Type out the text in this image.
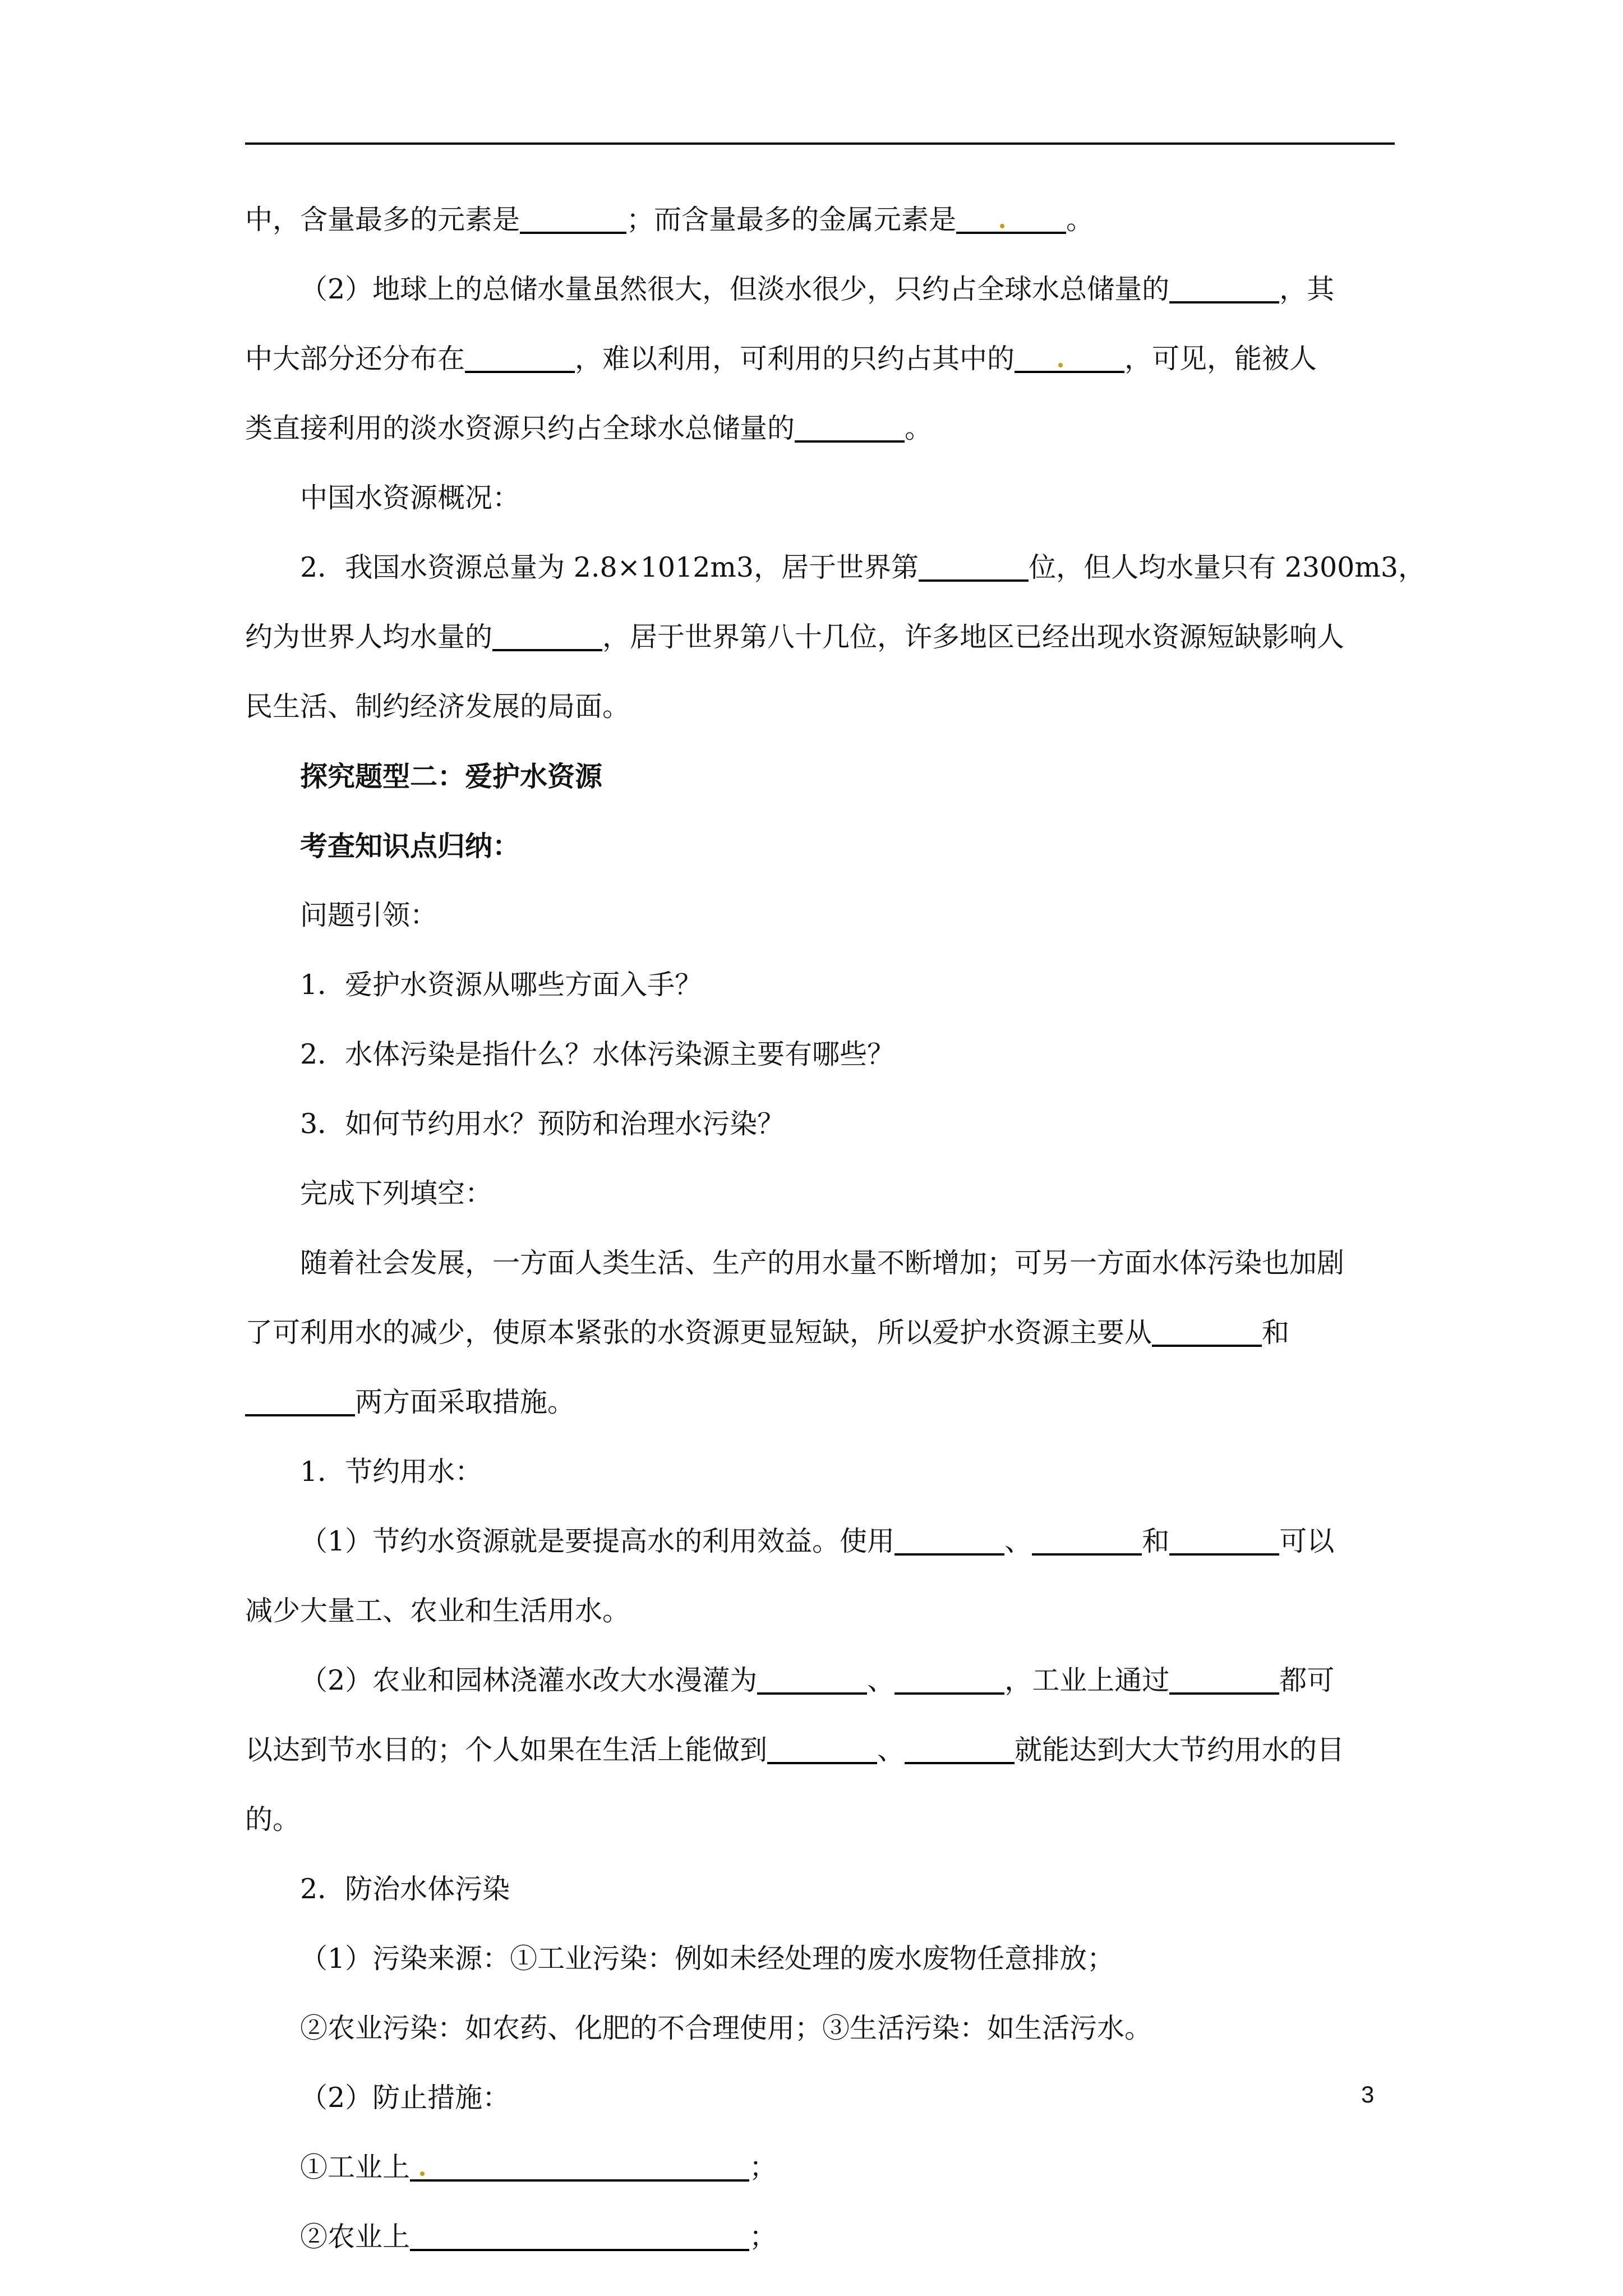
中，含量最多的元素是	；而含量最多的金属元素是	。

（2）地球上的总储水量虽然很大，但淡水很少，只约占全球水总储量的	，其

中大部分还分布在	，难以利用，可利用的只约占其中的	，可见，能被人

类直接利用的淡水资源只约占全球水总储量的	。

中国水资源概况：

2．我国水资源总量为 2.8×1012m3，居于世界第	位，但人均水量只有 2300m3，

约为世界人均水量的	，居于世界第八十几位，许多地区已经出现水资源短缺影响人

民生活、制约经济发展的局面。

探究题型二：爱护水资源

考查知识点归纳：

问题引领：

1．爱护水资源从哪些方面入手？

2．水体污染是指什么？水体污染源主要有哪些？

3．如何节约用水？预防和治理水污染？

完成下列填空：

随着社会发展，一方面人类生活、生产的用水量不断增加；可另一方面水体污染也加剧

了可利用水的减少，使原本紧张的水资源更显短缺，所以爱护水资源主要从	和

两方面采取措施。

1．节约用水：

（1）节约水资源就是要提高水的利用效益。使用	、	和	可以

减少大量工、农业和生活用水。

（2）农业和园林浇灌水改大水漫灌为	、	，工业上通过	都可

以达到节水目的；个人如果在生活上能做到	、	就能达到大大节约用水的目

的。

2．防治水体污染

（1）污染来源：①工业污染：例如未经处理的废水废物任意排放；

②农业污染：如农药、化肥的不合理使用；③生活污染：如生活污水。

（2）防止措施：

①工业上	；

②农业上	；

3
